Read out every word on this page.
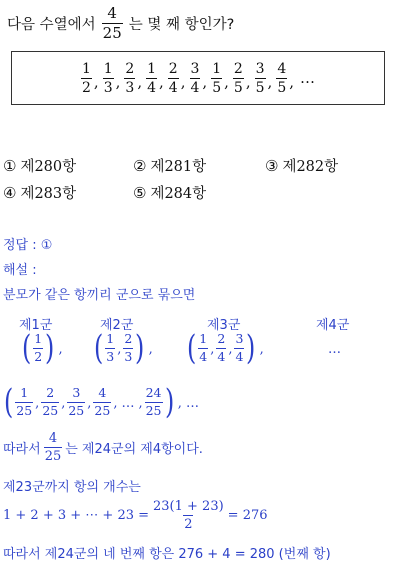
다음 수열에서 $\frac{4}{25}$ 는 몇 째 항인가?
$\frac{1}{2}$ , $\frac{1}{3}$ , $\frac{2}{3}$ , $\frac{1}{4}$ , $\frac{2}{4}$ , $\frac{3}{4}$ , $\frac{1}{5}$ , $\frac{2}{5}$ , $\frac{3}{5}$ , $\frac{4}{5}$ , …
① 제280항	② 제281항	③ 제282항
④ 제283항	⑤ 제284항
정답 : ①
해설 :
분모가 같은 항끼리 군으로 묶으면
제1군	제2군	제3군	제4군
( $\frac{1}{2}$ ) , ( $\frac{1}{3}$ , $\frac{2}{3}$ ) , ( $\frac{1}{4}$ , $\frac{2}{4}$ , $\frac{3}{4}$ ) ,	…
( $\frac{1}{25}$ , $\frac{2}{25}$ , $\frac{3}{25}$ , $\frac{4}{25}$ , … , $\frac{24}{25}$ ) , …
따라서 $\frac{4}{25}$ 는 제24군의 제4항이다.
제23군까지 항의 개수는
1 + 2 + 3 + ⋯ + $23 = \frac{23(1 + 23)}{2} = 276$
따라서 제24군의 네 번째 항은 276 + 4 = 280 (번째 항)
